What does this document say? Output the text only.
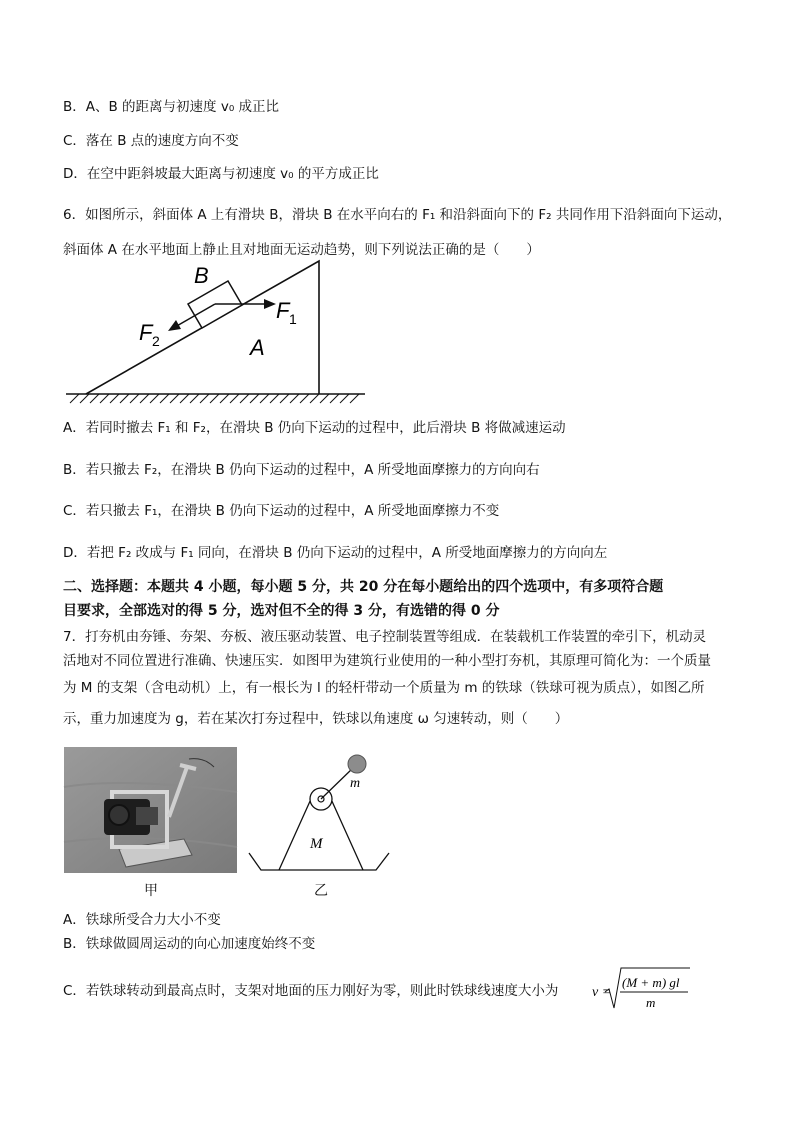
B．A、B 的距离与初速度 v₀ 成正比
C．落在 B 点的速度方向不变
D．在空中距斜坡最大距离与初速度 v₀ 的平方成正比
6．如图所示，斜面体 A 上有滑块 B，滑块 B 在水平向右的 F₁ 和沿斜面向下的 F₂ 共同作用下沿斜面向下运动，
斜面体 A 在水平地面上静止且对地面无运动趋势，则下列说法正确的是（　　）
B
A
F 1
F 2
A．若同时撤去 F₁ 和 F₂，在滑块 B 仍向下运动的过程中，此后滑块 B 将做减速运动
B．若只撤去 F₂，在滑块 B 仍向下运动的过程中，A 所受地面摩擦力的方向向右
C．若只撤去 F₁，在滑块 B 仍向下运动的过程中，A 所受地面摩擦力不变
D．若把 F₂ 改成与 F₁ 同向，在滑块 B 仍向下运动的过程中，A 所受地面摩擦力的方向向左
二、选择题：本题共 4 小题，每小题 5 分，共 20 分在每小题给出的四个选项中，有多项符合题
目要求，全部选对的得 5 分，选对但不全的得 3 分，有选错的得 0 分
7．打夯机由夯锤、夯架、夯板、液压驱动装置、电子控制装置等组成．在装载机工作装置的牵引下，机动灵
活地对不同位置进行准确、快速压实．如图甲为建筑行业使用的一种小型打夯机，其原理可简化为：一个质量
为 M 的支架（含电动机）上，有一根长为 l 的轻杆带动一个质量为 m 的铁球（铁球可视为质点），如图乙所
示，重力加速度为 g，若在某次打夯过程中，铁球以角速度 ω 匀速转动，则（　　）
甲
m
M
乙
A．铁球所受合力大小不变
B．铁球做圆周运动的向心加速度始终不变
C．若铁球转动到最高点时，支架对地面的压力刚好为零，则此时铁球线速度大小为 v =
(M + m) gl
m
